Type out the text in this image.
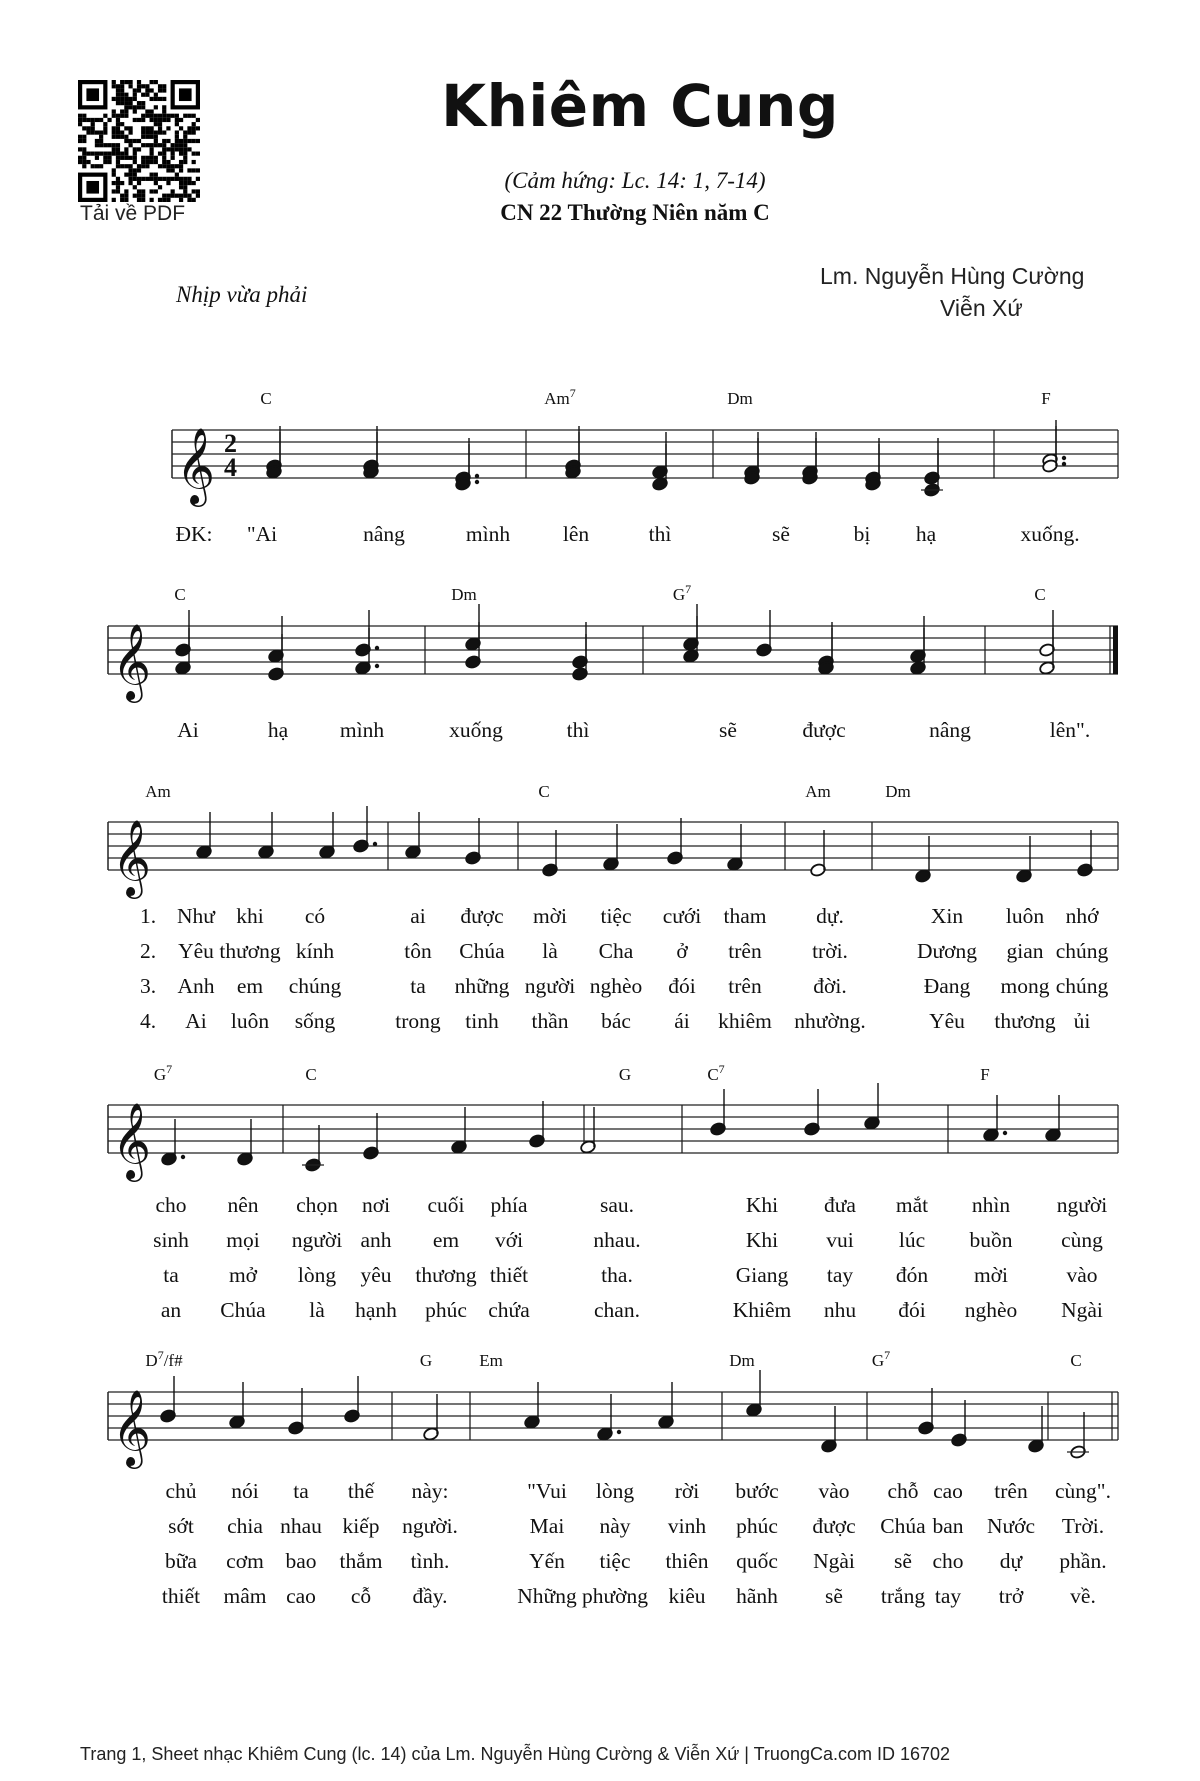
Tải về PDF
Khiêm Cung
(Cảm hứng: Lc. 14: 1, 7-14)
CN 22 Thường Niên năm C
Nhịp vừa phải
Lm. Nguyễn Hùng Cường
Viễn Xứ
𝄞 2
4
𝄞
𝄞
𝄞
𝄞
C	Am$^7$	Dm	F
C	Dm	$G^7$	C
Am	C	Am	Dm
$G^7$	C	G	$C^7$	F
$D^7/f\#$	G	Em	Dm	$G^7$	C
ĐK: "Ai	nâng	mình lên	thì	sẽ	bị hạ	xuống.
Ai	hạ mình	xuống	thì	sẽ	được	nâng	lên".
1. Như khi có	ai được mời tiệc cưới tham dự.	Xin luôn nhớ
2. Yêu thương kính	tôn Chúa là Cha ở trên trời.	Dương gian chúng
3. Anh em chúng	ta những người nghèo đói trên đời.	Đang mong chúng
4. Ai luôn sống	trong tinh thần bác ái khiêm nhường.	Yêu thương ủi
cho nên chọn nơi cuối phía	sau.	Khi đưa mắt nhìn người
sinh mọi người anh em với	nhau.	Khi vui lúc buồn cùng
ta mở lòng yêu thương thiết	tha.	Giang tay đón mời	vào
an Chúa là hạnh phúc chứa	chan.	Khiêm nhu đói nghèo Ngài
chủ nói ta thế này:	"Vui lòng rời bước vào chỗ cao trên cùng".
sớt chia nhau kiếp người.	Mai này vinh phúc được Chúa ban Nước Trời.
bữa cơm bao thắm tình.	Yến tiệc thiên quốc Ngài sẽ cho dự phần.
thiết mâm cao cỗ đầy.	Những phường kiêu hãnh sẽ trắng tay trở về.
Trang 1, Sheet nhạc Khiêm Cung (lc. 14) của Lm. Nguyễn Hùng Cường & Viễn Xứ | TruongCa.com ID 16702
